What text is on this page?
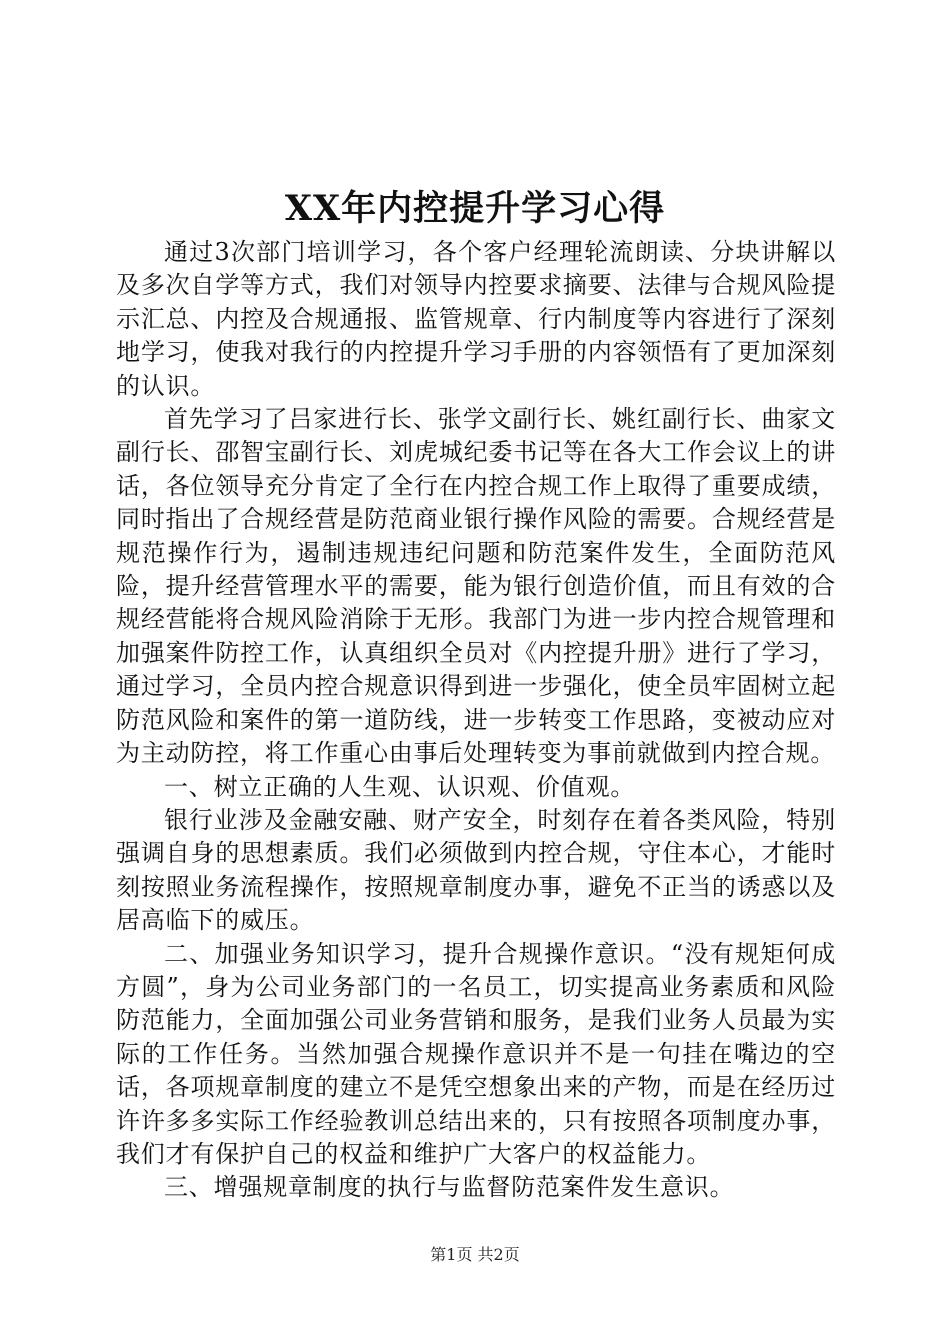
XX年内控提升学习心得

通过3次部门培训学习，各个客户经理轮流朗读、分块讲解以及多次自学等方式，我们对领导内控要求摘要、法律与合规风险提示汇总、内控及合规通报、监管规章、行内制度等内容进行了深刻地学习，使我对我行的内控提升学习手册的内容领悟有了更加深刻的认识。

首先学习了吕家进行长、张学文副行长、姚红副行长、曲家文副行长、邵智宝副行长、刘虎城纪委书记等在各大工作会议上的讲话，各位领导充分肯定了全行在内控合规工作上取得了重要成绩，同时指出了合规经营是防范商业银行操作风险的需要。合规经营是规范操作行为，遏制违规违纪问题和防范案件发生，全面防范风险，提升经营管理水平的需要，能为银行创造价值，而且有效的合规经营能将合规风险消除于无形。我部门为进一步内控合规管理和加强案件防控工作，认真组织全员对《内控提升册》进行了学习，通过学习，全员内控合规意识得到进一步强化，使全员牢固树立起防范风险和案件的第一道防线，进一步转变工作思路，变被动应对为主动防控，将工作重心由事后处理转变为事前就做到内控合规。

一、树立正确的人生观、认识观、价值观。

银行业涉及金融安融、财产安全，时刻存在着各类风险，特别强调自身的思想素质。我们必须做到内控合规，守住本心，才能时刻按照业务流程操作，按照规章制度办事，避免不正当的诱惑以及居高临下的威压。

二、加强业务知识学习，提升合规操作意识。“没有规矩何成方圆”，身为公司业务部门的一名员工，切实提高业务素质和风险防范能力，全面加强公司业务营销和服务，是我们业务人员最为实际的工作任务。当然加强合规操作意识并不是一句挂在嘴边的空话，各项规章制度的建立不是凭空想象出来的产物，而是在经历过许许多多实际工作经验教训总结出来的，只有按照各项制度办事，我们才有保护自己的权益和维护广大客户的权益能力。

三、增强规章制度的执行与监督防范案件发生意识。

第1页 共2页
